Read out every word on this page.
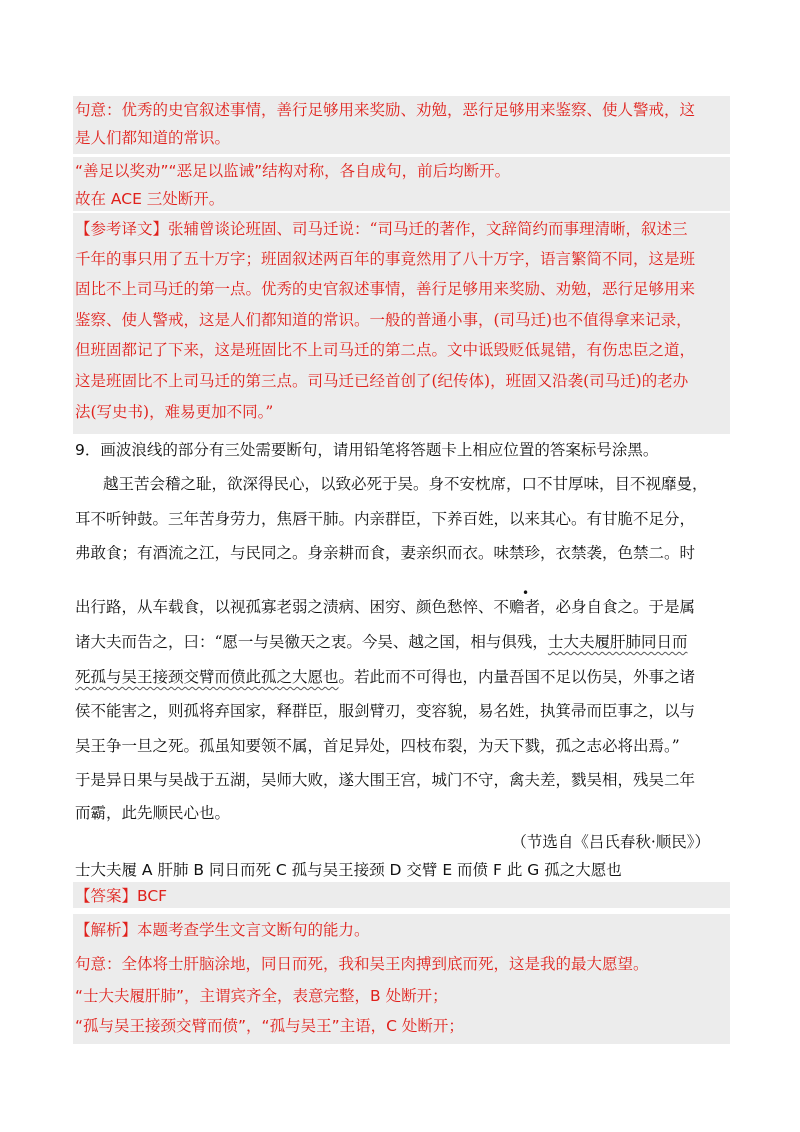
句意：优秀的史官叙述事情，善行足够用来奖励、劝勉，恶行足够用来鉴察、使人警戒，这
是人们都知道的常识。
“善足以奖劝”“恶足以监诫”结构对称，各自成句，前后均断开。
故在 ACE 三处断开。
【参考译文】张辅曾谈论班固、司马迁说：“司马迁的著作，文辞简约而事理清晰，叙述三
千年的事只用了五十万字；班固叙述两百年的事竟然用了八十万字，语言繁简不同，这是班
固比不上司马迁的第一点。优秀的史官叙述事情，善行足够用来奖励、劝勉，恶行足够用来
鉴察、使人警戒，这是人们都知道的常识。一般的普通小事，(司马迁)也不值得拿来记录，
但班固都记了下来，这是班固比不上司马迁的第二点。文中诋毁贬低晁错，有伤忠臣之道，
这是班固比不上司马迁的第三点。司马迁已经首创了(纪传体)，班固又沿袭(司马迁)的老办
法(写史书)，难易更加不同。”
9．画波浪线的部分有三处需要断句，请用铅笔将答题卡上相应位置的答案标号涂黑。
越王苦会稽之耻，欲深得民心，以致必死于吴。身不安枕席，口不甘厚味，目不视靡曼，
耳不听钟鼓。三年苦身劳力，焦唇干肺。内亲群臣，下养百姓，以来其心。有甘脆不足分，
弗敢食；有酒流之江，与民同之。身亲耕而食，妻亲织而衣。味禁珍，衣禁袭，色禁二。时
•
出行路，从车载食，以视孤寡老弱之渍病、困穷、颜色愁悴、不赡者，必身自食之。于是属
诸大夫而告之，曰：“愿一与吴徼天之衷。今吴、越之国，相与俱残，士大夫履肝肺同日而
死孤与吴王接颈交臂而偾此孤之大愿也。若此而不可得也，内量吾国不足以伤吴，外事之诸
侯不能害之，则孤将弃国家，释群臣，服剑臂刃，变容貌，易名姓，执箕帚而臣事之，以与
吴王争一旦之死。孤虽知要领不属，首足异处，四枝布裂，为天下戮，孤之志必将出焉。”
于是异日果与吴战于五湖，吴师大败，遂大围王宫，城门不守，禽夫差，戮吴相，残吴二年
而霸，此先顺民心也。
（节选自《吕氏春秋·顺民》）
士大夫履 A 肝肺 B 同日而死 C 孤与吴王接颈 D 交臂 E 而偾 F 此 G 孤之大愿也
【答案】BCF
【解析】本题考查学生文言文断句的能力。
句意：全体将士肝脑涂地，同日而死，我和吴王肉搏到底而死，这是我的最大愿望。
“士大夫履肝肺”，主谓宾齐全，表意完整，B 处断开；
“孤与吴王接颈交臂而偾”，“孤与吴王”主语，C 处断开；
